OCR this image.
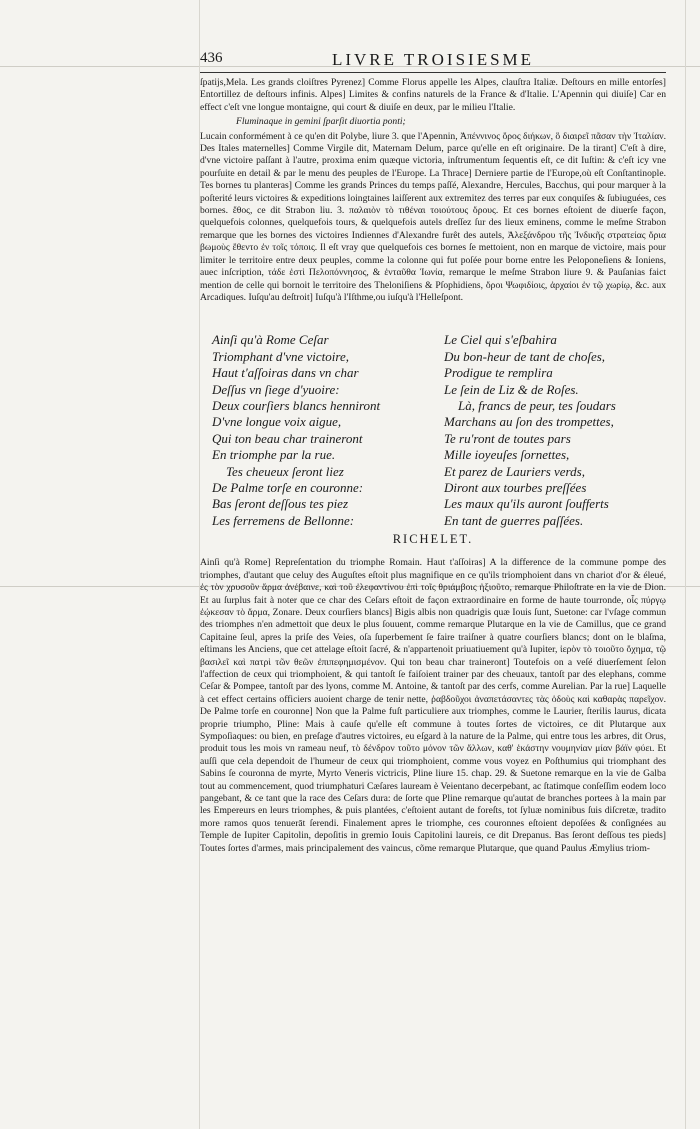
436	LIVRE TROISIESME

ſpatijs,Mela. Les grands cloiſtres Pyrenez] Comme Florus appelle les Alpes, clauſtra Italiæ. Deſtours en mille entorſes] Entortillez de deſtours infinis. Alpes] Limites & confins naturels de la France & d'Italie. L'Apennin qui diuiſe] Car en effect c'eſt vne longue montaigne, qui court & diuiſe en deux, par le milieu l'Italie.

Fluminaque in gemini ſparſit diuortia ponti;

Lucain conformément à ce qu'en dit Polybe, liure 3. que l'Apennin, Ἀπέννινος ὄρος διήκων, ὃ διαιρεῖ πᾶσαν τὴν Ἰταλίαν. Des Itales maternelles] Comme Virgile dit, Maternam Delum, parce qu'elle en eſt originaire. De la tirant] C'eſt à dire, d'vne victoire paſſant à l'autre, proxima enim quæque victoria, inſtrumentum ſequentis eſt, ce dit Iuſtin: & c'eſt icy vne pourſuite en detail & par le menu des peuples de l'Europe. La Thrace] Derniere partie de l'Europe,où eſt Conſtantinople. Tes bornes tu planteras] Comme les grands Princes du temps paſſé, Alexandre, Hercules, Bacchus, qui pour marquer à la poſterité leurs victoires & expeditions loingtaines laiſſerent aux extremitez des terres par eux conquiſes & ſubiuguées, ces bornes. ἔθος, ce dit Strabon liu. 3. παλαιὸν τὸ τιθέναι τοιούτους ὅρους. Et ces bornes eſtoient de diuerſe façon, quelquefois colonnes, quelquefois tours, & quelquefois autels dreſſez ſur des lieux eminens, comme le meſme Strabon remarque que les bornes des victoires Indiennes d'Alexandre furêt des autels, Ἀλεξάνδρου τῆς Ἰνδικῆς στρατείας ὅρια βωμοὺς ἔθεντο ἐν τοῖς τόποις. Il eſt vray que quelquefois ces bornes ſe mettoient, non en marque de victoire, mais pour limiter le territoire entre deux peuples, comme la colonne qui fut poſée pour borne entre les Peloponeſiens & Ioniens, auec inſcription, τάδε ἐστὶ Πελοπόννησος, & ἐνταῦθα Ἰωνία, remarque le meſme Strabon liure 9. & Pauſanias faict mention de celle qui bornoit le territoire des Theloniſiens & Pſophidiens, ὅροι Ψωφιδίοις, ἀρχαίοι ἐν τῷ χωρίῳ, &c. aux Arcadiques. Iuſqu'au deſtroit] Iuſqu'à l'Iſthme,ou iuſqu'à l'Helleſpont.

Ainſi qu'à Rome Ceſar
Triomphant d'vne victoire,
Haut t'aſſoiras dans vn char
Deſſus vn ſiege d'yuoire:
Deux courſiers blancs henniront
D'vne longue voix aigue,
Qui ton beau char traineront
En triomphe par la rue.
Tes cheueux ſeront liez
De Palme torſe en couronne:
Bas ſeront deſſous tes piez
Les ferremens de Bellonne:
Le Ciel qui s'eſbahira
Du bon-heur de tant de choſes,
Prodigue te remplira
Le ſein de Liz & de Roſes.
Là, francs de peur, tes ſoudars
Marchans au ſon des trompettes,
Te ru'ront de toutes pars
Mille ioyeuſes ſornettes,
Et parez de Lauriers verds,
Diront aux tourbes preſſées
Les maux qu'ils auront ſoufferts
En tant de guerres paſſées.
RICHELET.

Ainſi qu'à Rome] Repreſentation du triomphe Romain. Haut t'aſſoiras] A la difference de la commune pompe des triomphes, d'autant que celuy des Auguſtes eſtoit plus magnifique en ce qu'ils triomphoient dans vn chariot d'or & éleué, ἐς τὸν χρυσοῦν ἅρμα ἀνέβαινε, καὶ τοῦ ἐλεφαντίνου ἐπὶ τοῖς θριάμβοις ἠξιοῦτο, remarque Philoſtrate en la vie de Dion. Et au ſurplus fait à noter que ce char des Ceſars eſtoit de façon extraordinaire en forme de haute tourronde, οἷς πύργῳ ἐῴκεσαν τὸ ἅρμα, Zonare. Deux courſiers blancs] Bigis albis non quadrigis quæ Iouis ſunt, Suetone: car l'vſage commun des triomphes n'en admettoit que deux le plus ſouuent, comme remarque Plutarque en la vie de Camillus, que ce grand Capitaine ſeul, apres la priſe des Veies, oſa ſuperbement ſe faire traiſner à quatre courſiers blancs; dont on le blaſma, eſtimans les Anciens, que cet attelage eſtoit ſacré, & n'appartenoit priuatiuement qu'à Iupiter, ἱερὸν τὸ τοιοῦτο ὄχημα, τῷ βασιλεῖ καὶ πατρὶ τῶν θεῶν ἐπιπεφημισμένον. Qui ton beau char traineront] Toutefois on a veſé diuerſement ſelon l'affection de ceux qui triomphoient, & qui tantoſt ſe faiſoient trainer par des cheuaux, tantoſt par des elephans, comme Ceſar & Pompee, tantoſt par des lyons, comme M. Antoine, & tantoſt par des cerfs, comme Aurelian. Par la rue] Laquelle à cet effect certains officiers auoient charge de tenir nette, ῥαβδοῦχοι ἀναπετάσαντες τὰς ὁδοὺς καὶ καθαρὰς παρεῖχον. De Palme torſe en couronne] Non que la Palme fuſt particuliere aux triomphes, comme le Laurier, ſterilis laurus, dicata proprie triumpho, Pline: Mais à cauſe qu'elle eſt commune à toutes ſortes de victoires, ce dit Plutarque aux Sympoſiaques: ou bien, en preſage d'autres victoires, eu eſgard à la nature de la Palme, qui entre tous les arbres, dit Orus, produit tous les mois vn rameau neuf, τὸ δένδρον τοῦτο μόνον τῶν ἄλλων, καθ' ἑκάστην νουμηνίαν μίαν βάϊν φύει. Et auſſi que cela dependoit de l'humeur de ceux qui triomphoient, comme vous voyez en Poſthumius qui triomphant des Sabins ſe couronna de myrte, Myrto Veneris victricis, Pline liure 15. chap. 29. & Suetone remarque en la vie de Galba tout au commencement, quod triumphaturi Cæſares lauream è Veientano decerpebant, ac ſtatimque conſeſſim eodem loco pangebant, & ce tant que la race des Ceſars dura: de ſorte que Pline remarque qu'autat de branches portees à la main par les Empereurs en leurs triomphes, & puis plantées, c'eſtoient autant de foreſts, tot ſyluæ nominibus ſuis diſcretæ, tradito more ramos quos tenuerāt ſerendi. Finalement apres le triomphe, ces couronnes eſtoient depoſées & conſignées au Temple de Iupiter Capitolin, depoſitis in gremio Iouis Capitolini laureis, ce dit Drepanus. Bas ſeront deſſous tes pieds] Toutes ſortes d'armes, mais principalement des vaincus, cõme remarque Plutarque, que quand Paulus Æmylius triom-
